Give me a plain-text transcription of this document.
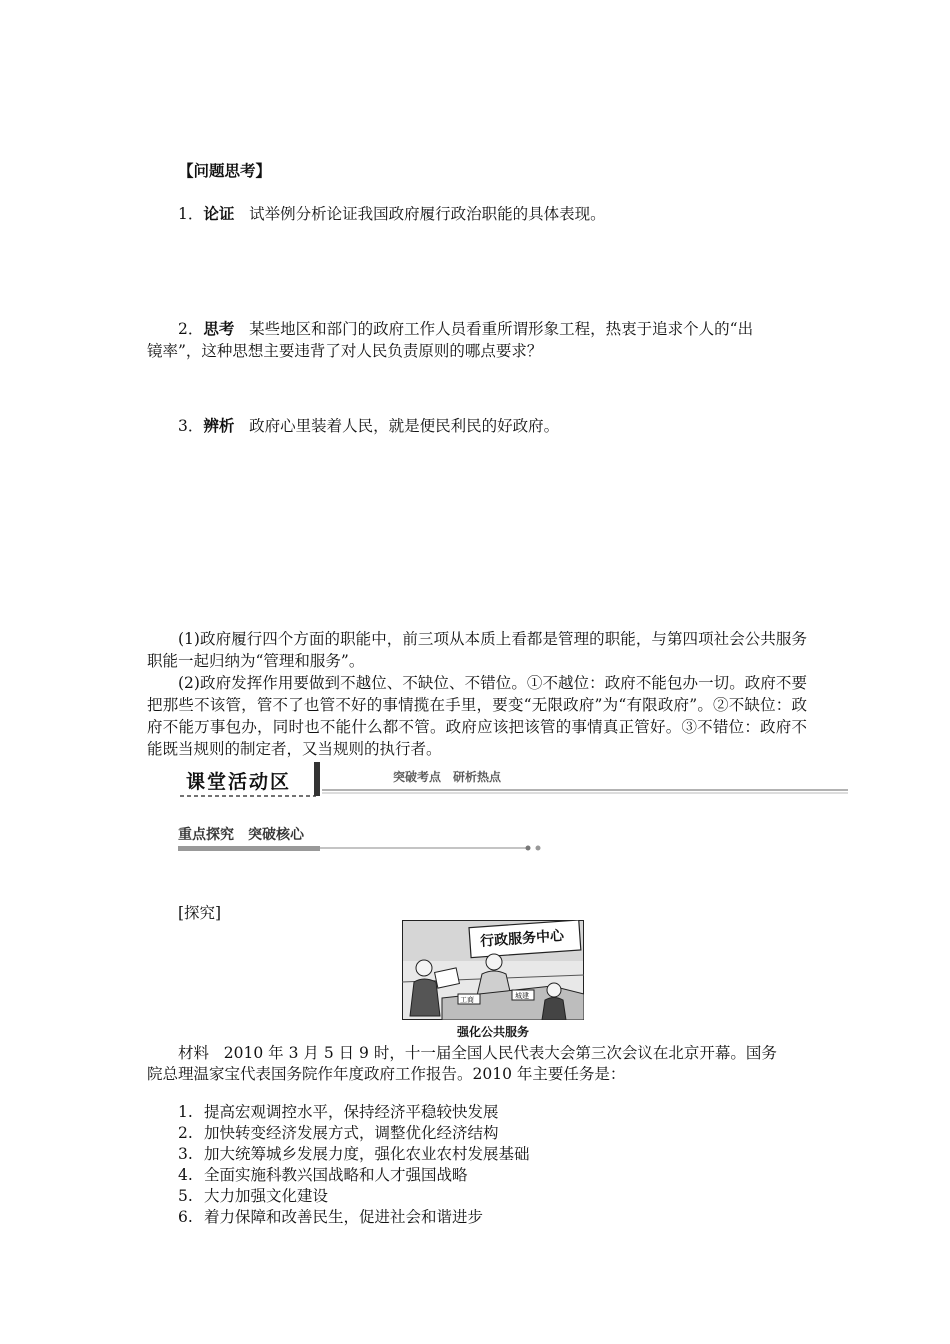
【问题思考】
1．论证 试举例分析论证我国政府履行政治职能的具体表现。
2．思考 某些地区和部门的政府工作人员看重所谓形象工程，热衷于追求个人的“出
镜率”，这种思想主要违背了对人民负责原则的哪点要求？
3．辨析 政府心里装着人民，就是便民利民的好政府。

(1)政府履行四个方面的职能中，前三项从本质上看都是管理的职能，与第四项社会公共服务职能一起归纳为“管理和服务”。

(2)政府发挥作用要做到不越位、不缺位、不错位。①不越位：政府不能包办一切。政府不要把那些不该管，管不了也管不好的事情揽在手里，要变“无限政府”为“有限政府”。②不缺位：政府不能万事包办，同时也不能什么都不管。政府应该把该管的事情真正管好。③不错位：政府不能既当规则的制定者，又当规则的执行者。

课堂活动区	突破考点　研析热点
重点探究　突破核心
[探究]
行政服务中心
工商	城建
强化公共服务
材料 2010 年 3 月 5 日 9 时，十一届全国人民代表大会第三次会议在北京开幕。国务
院总理温家宝代表国务院作年度政府工作报告。2010 年主要任务是：
1. 提高宏观调控水平，保持经济平稳较快发展
2. 加快转变经济发展方式，调整优化经济结构
3. 加大统筹城乡发展力度，强化农业农村发展基础
4. 全面实施科教兴国战略和人才强国战略
5. 大力加强文化建设
6. 着力保障和改善民生，促进社会和谐进步
